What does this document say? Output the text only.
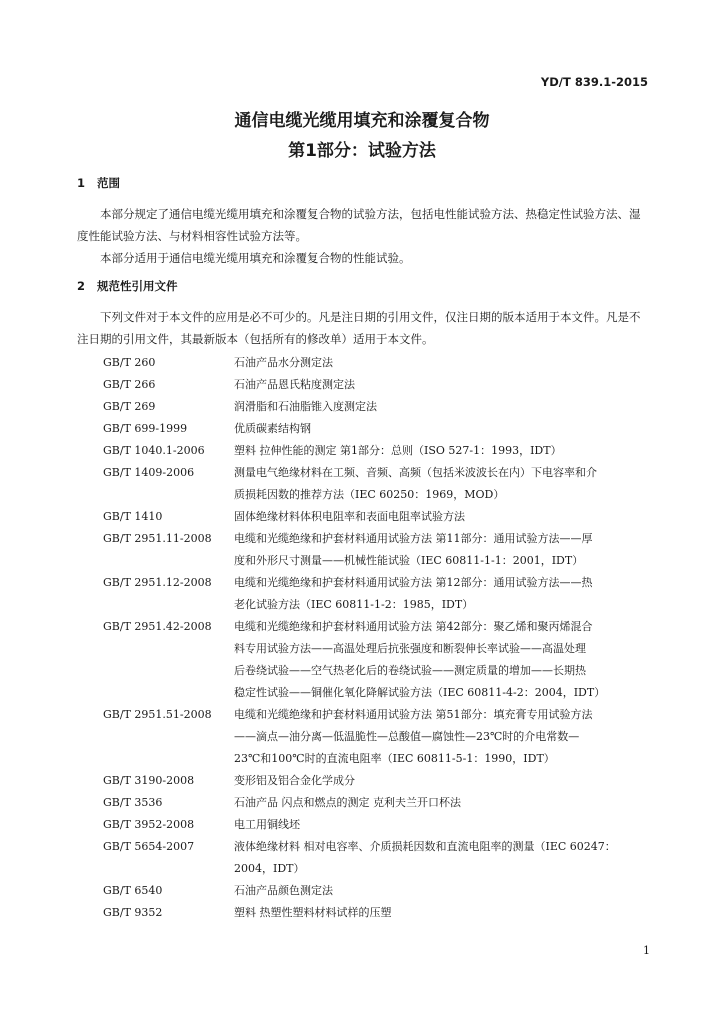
YD/T 839.1-2015
通信电缆光缆用填充和涂覆复合物
第1部分：试验方法
1 范围
本部分规定了通信电缆光缆用填充和涂覆复合物的试验方法，包括电性能试验方法、热稳定性试验方法、湿度性能试验方法、与材料相容性试验方法等。
本部分适用于通信电缆光缆用填充和涂覆复合物的性能试验。
2 规范性引用文件
下列文件对于本文件的应用是必不可少的。凡是注日期的引用文件，仅注日期的版本适用于本文件。凡是不注日期的引用文件，其最新版本（包括所有的修改单）适用于本文件。
GB/T 260	石油产品水分测定法
GB/T 266	石油产品恩氏粘度测定法
GB/T 269	润滑脂和石油脂锥入度测定法
GB/T 699-1999	优质碳素结构钢
GB/T 1040.1-2006	塑料 拉伸性能的测定 第1部分：总则（ISO 527-1：1993，IDT）
GB/T 1409-2006	测量电气绝缘材料在工频、音频、高频（包括米波波长在内）下电容率和介
质损耗因数的推荐方法（IEC 60250：1969，MOD）
GB/T 1410	固体绝缘材料体积电阻率和表面电阻率试验方法
GB/T 2951.11-2008	电缆和光缆绝缘和护套材料通用试验方法 第11部分：通用试验方法——厚
度和外形尺寸测量——机械性能试验（IEC 60811-1-1：2001，IDT）
GB/T 2951.12-2008	电缆和光缆绝缘和护套材料通用试验方法 第12部分：通用试验方法——热
老化试验方法（IEC 60811-1-2：1985，IDT）
GB/T 2951.42-2008	电缆和光缆绝缘和护套材料通用试验方法 第42部分：聚乙烯和聚丙烯混合
料专用试验方法——高温处理后抗张强度和断裂伸长率试验——高温处理
后卷绕试验——空气热老化后的卷绕试验——测定质量的增加——长期热
稳定性试验——铜催化氧化降解试验方法（IEC 60811-4-2：2004，IDT）
GB/T 2951.51-2008	电缆和光缆绝缘和护套材料通用试验方法 第51部分：填充膏专用试验方法
——滴点—油分离—低温脆性—总酸值—腐蚀性—23℃时的介电常数—
23℃和100℃时的直流电阻率（IEC 60811-5-1：1990，IDT）
GB/T 3190-2008	变形铝及铝合金化学成分
GB/T 3536	石油产品 闪点和燃点的测定 克利夫兰开口杯法
GB/T 3952-2008	电工用铜线坯
GB/T 5654-2007	液体绝缘材料 相对电容率、介质损耗因数和直流电阻率的测量（IEC 60247：
2004，IDT）
GB/T 6540	石油产品颜色测定法
GB/T 9352	塑料 热塑性塑料材料试样的压塑
1
